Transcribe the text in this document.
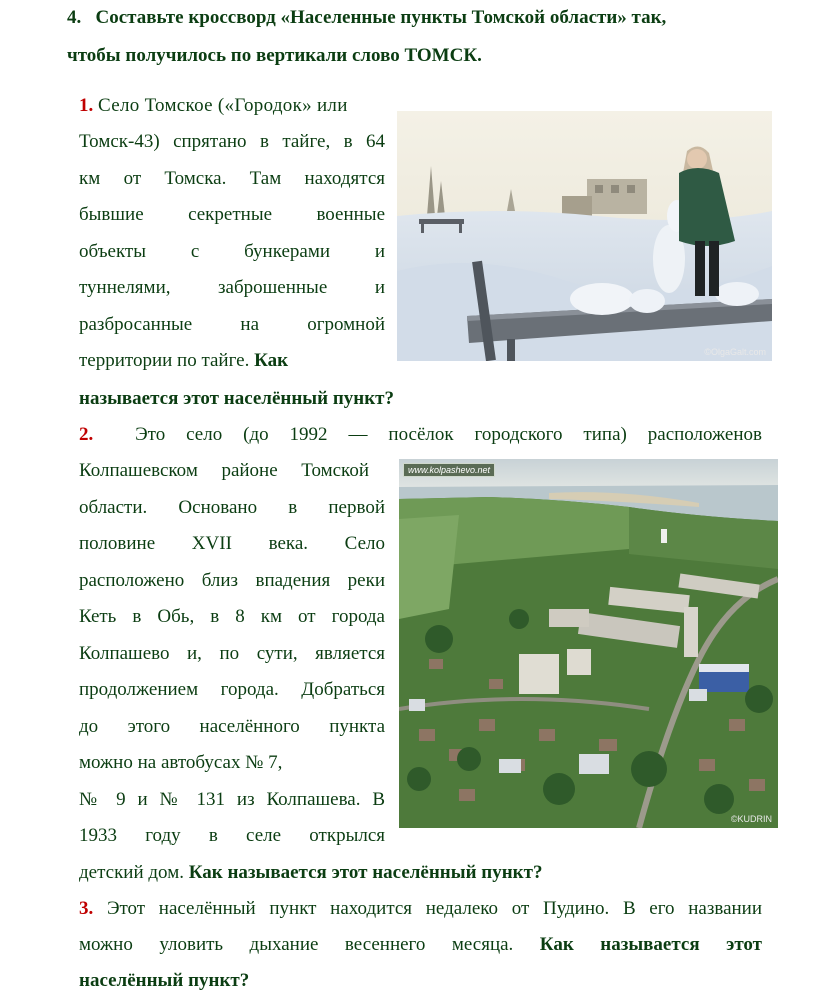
4. Составьте кроссворд «Населенные пункты Томской области» так,
чтобы получилось по вертикали слово ТОМСК.
1. Село Томское («Городок» или
Томск-43) спрятано в тайге, в 64
км от Томска. Там находятся
бывшие секретные военные
объекты с бункерами и
туннелями, заброшенные и
разбросанные на огромной
территории по тайге. Как
называется этот населённый пункт?
©OlgaGalt.com
2. Это село (до 1992 — посёлок городского типа) расположенов
Колпашевском районе Томской
области. Основано в первой
половине XVII века. Село
расположено близ впадения реки
Кеть в Обь, в 8 км от города
Колпашево и, по сути, является
продолжением города. Добраться
до этого населённого пункта
можно на автобусах № 7,
№ 9 и № 131 из Колпашева. В
1933 году в селе открылся
детский дом. Как называется этот населённый пункт?
www.kolpashevo.net
©KUDRIN
3. Этот населённый пункт находится недалеко от Пудино. В его названии
можно уловить дыхание весеннего месяца. Как называется этот
населённый пункт?
